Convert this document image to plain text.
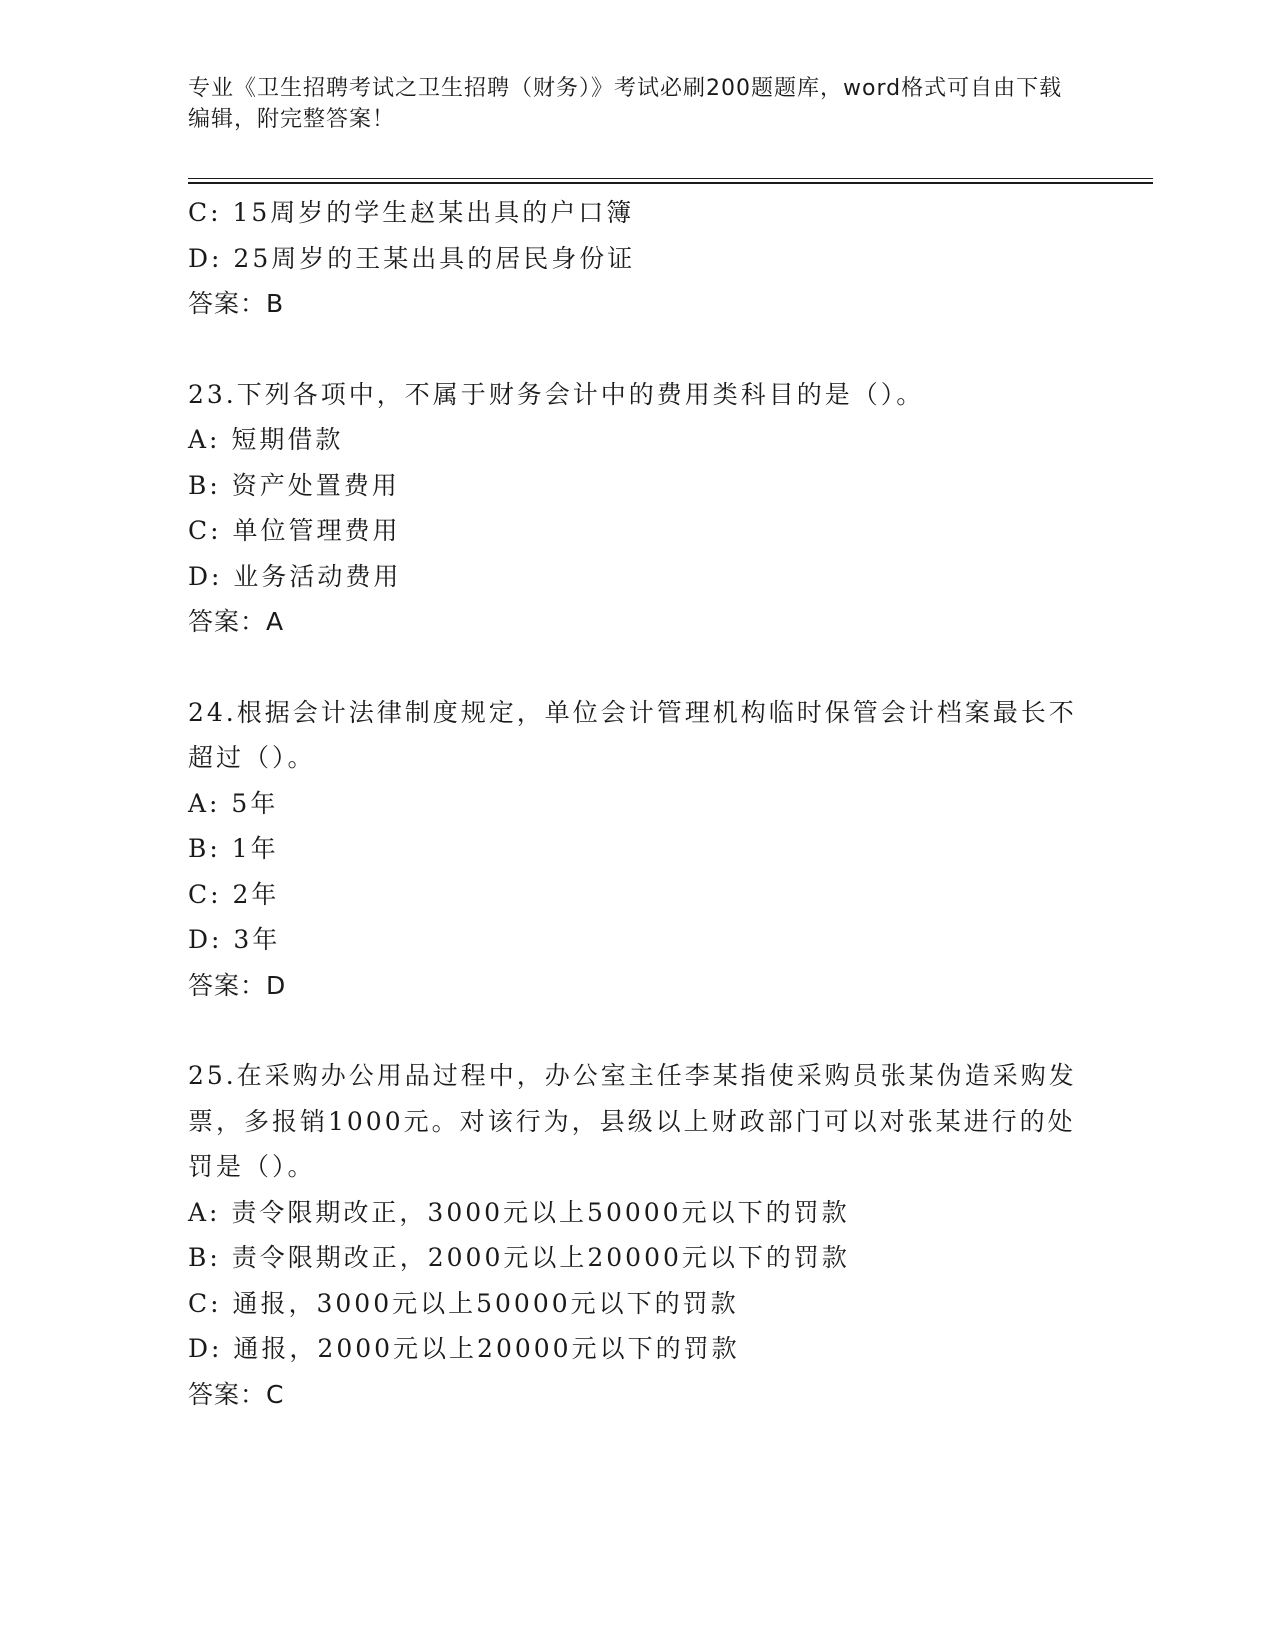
专业《卫生招聘考试之卫生招聘（财务）》考试必刷200题题库，word格式可自由下载编辑，附完整答案！
C: 15周岁的学生赵某出具的户口簿
D: 25周岁的王某出具的居民身份证
答案：B
23.下列各项中，不属于财务会计中的费用类科目的是（）。
A: 短期借款
B: 资产处置费用
C: 单位管理费用
D: 业务活动费用
答案：A
24.根据会计法律制度规定，单位会计管理机构临时保管会计档案最长不超过（）。
A: 5年
B: 1年
C: 2年
D: 3年
答案：D
25.在采购办公用品过程中，办公室主任李某指使采购员张某伪造采购发票，多报销1000元。对该行为，县级以上财政部门可以对张某进行的处罚是（）。
A: 责令限期改正，3000元以上50000元以下的罚款
B: 责令限期改正，2000元以上20000元以下的罚款
C: 通报，3000元以上50000元以下的罚款
D: 通报，2000元以上20000元以下的罚款
答案：C
